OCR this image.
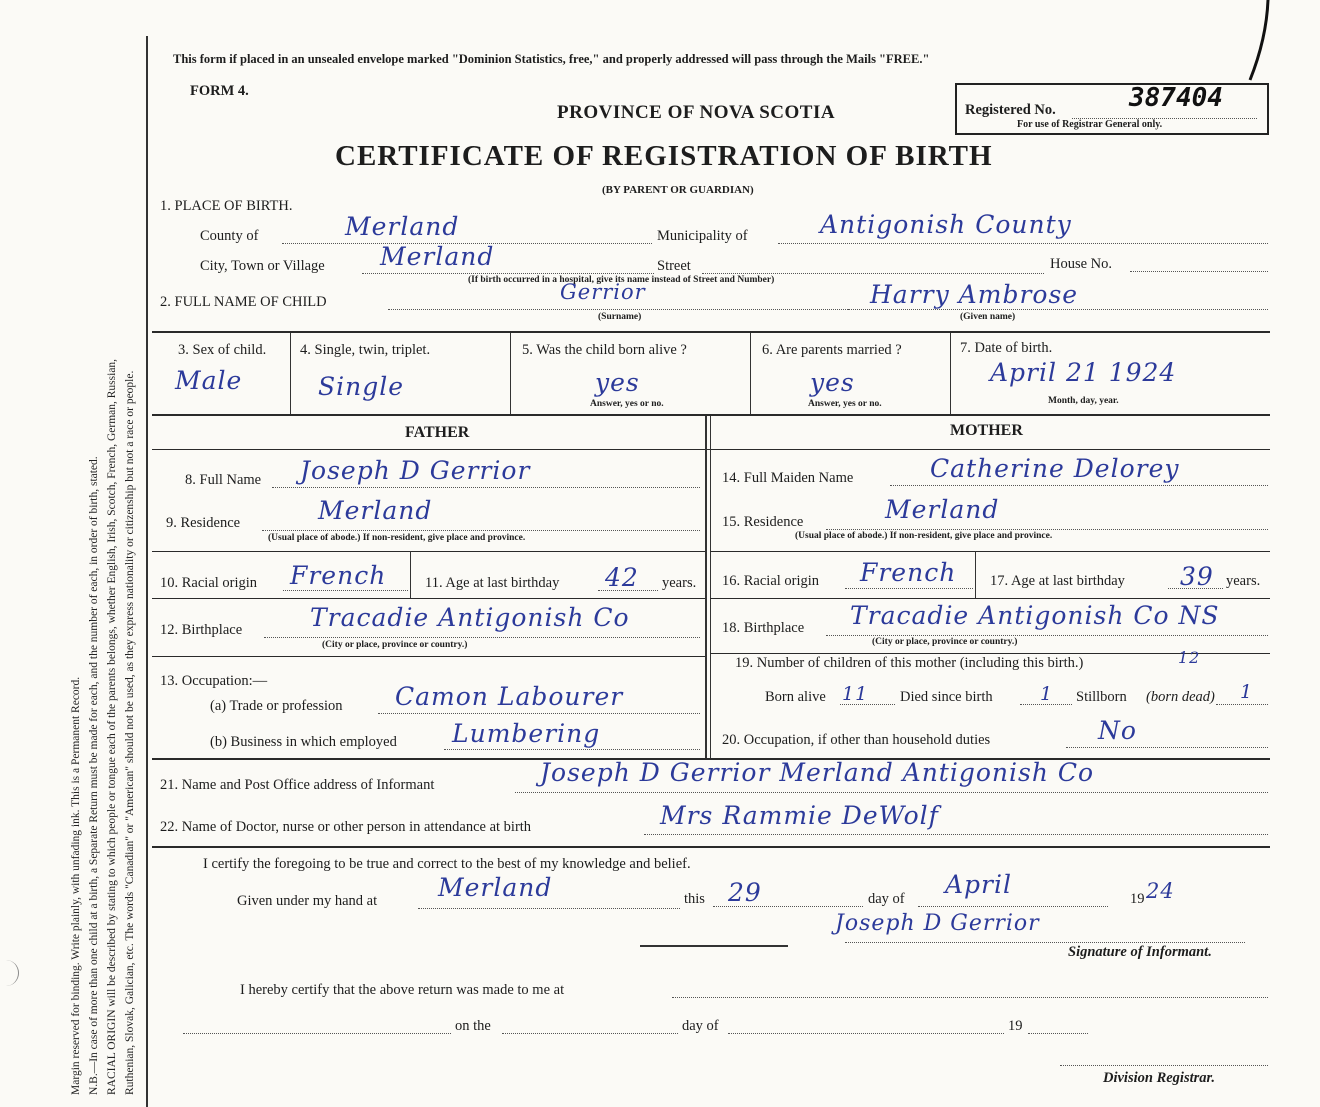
Margin reserved for binding. Write plainly, with unfading ink. This is a Permanent Record. N.B.—In case of more than one child at a birth, a Separate Return must be made for each, and the number of each, in order of birth, stated. RACIAL ORIGIN will be described by stating to which people or tongue each of the parents belongs, whether English, Irish, Scotch, French, German, Russian, Ruthenian, Slovak, Galician, etc. The words "Canadian" or "American" should not be used, as they express nationality or citizenship but not a race or people.
This form if placed in an unsealed envelope marked "Dominion Statistics, free," and properly addressed will pass through the Mails "FREE."
FORM 4.
PROVINCE OF NOVA SCOTIA	Registered No.	387404
For use of Registrar General only.
CERTIFICATE OF REGISTRATION OF BIRTH
(BY PARENT OR GUARDIAN)
1. PLACE OF BIRTH.
County of	Merland	Municipality of	Antigonish County
City, Town or Village Merland	Street	House No.
(If birth occurred in a hospital, give its name instead of Street and Number)
2. FULL NAME OF CHILD	Gerrior
(Surname)
Harry Ambrose
(Given name)
3. Sex of child.
Male
4. Single, twin, triplet.
Single
5. Was the child born alive ?
yes
Answer, yes or no.
6. Are parents married ?
yes
Answer, yes or no.
7. Date of birth.
April 21 1924
Month, day, year.
FATHER	MOTHER
8. Full Name Joseph D Gerrior
9. Residence	Merland
(Usual place of abode.) If non-resident, give place and province.
10. Racial origin French	11. Age at last birthday 42 years.
12. Birthplace	Tracadie Antigonish Co
(City or place, province or country.)
13. Occupation:—
(a) Trade or profession Camon Labourer
(b) Business in which employed Lumbering
14. Full Maiden Name	Catherine Delorey
15. Residence	Merland
(Usual place of abode.) If non-resident, give place and province.
16. Racial origin French 17. Age at last birthday 39 years.
18. Birthplace Tracadie Antigonish Co NS
(City or place, province or country.)
19. Number of children of this mother (including this birth.)	12
Born alive 11 Died since birth 1 Stillborn (born dead) 1
20. Occupation, if other than household duties	No
21. Name and Post Office address of Informant	Joseph D Gerrior Merland Antigonish Co
22. Name of Doctor, nurse or other person in attendance at birth	Mrs Rammie DeWolf
I certify the foregoing to be true and correct to the best of my knowledge and belief.
Given under my hand at Merland	this 29	day of April	19 24
Joseph D Gerrior
Signature of Informant.
I hereby certify that the above return was made to me at
on the	day of	19
Division Registrar.
